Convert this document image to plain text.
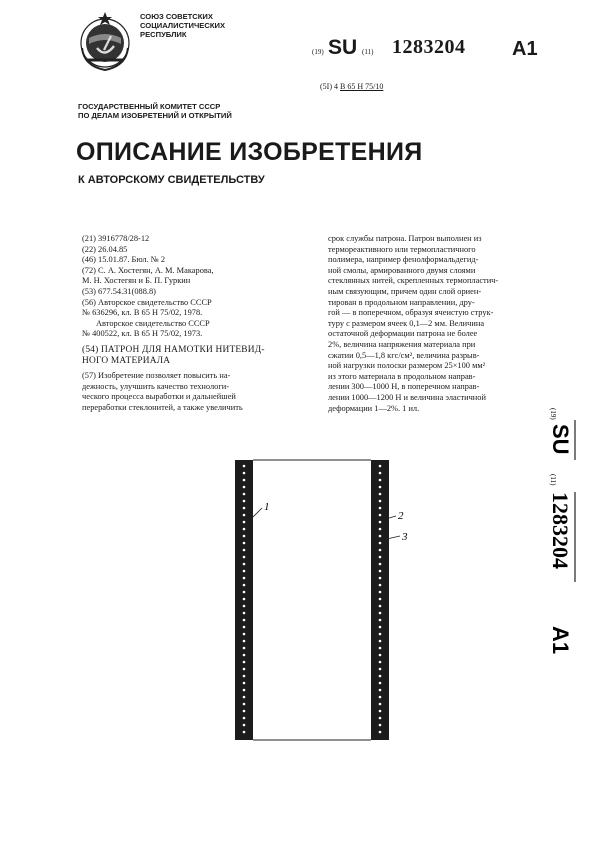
СОЮЗ СОВЕТСКИХ
СОЦИАЛИСТИЧЕСКИХ
РЕСПУБЛИК
(19) SU (11) 1283204 A1
(5I) 4 B 65 H 75/10
ГОСУДАРСТВЕННЫЙ КОМИТЕТ СССР
ПО ДЕЛАМ ИЗОБРЕТЕНИЙ И ОТКРЫТИЙ
ОПИСАНИЕ ИЗОБРЕТЕНИЯ
К АВТОРСКОМУ СВИДЕТЕЛЬСТВУ
(21) 3916778/28-12
(22) 26.04.85
(46) 15.01.87. Бюл. № 2
(72) С. А. Хостегян, А. М. Макарова,
М. Н. Хостегян и Б. П. Гуркин
(53) 677.54.31(088.8)
(56) Авторское свидетельство СССР
№ 636296, кл. В 65 Н 75/02, 1978.
Авторское свидетельство СССР
№ 400522, кл. В 65 Н 75/02, 1973.
(54) ПАТРОН ДЛЯ НАМОТКИ НИТЕВИД-
НОГО МАТЕРИАЛА
(57) Изобретение позволяет повысить на-
дежность, улучшить качество технологи-
ческого процесса выработки и дальнейшей
переработки стеклонитей, а также увеличить
срок службы патрона. Патрон выполнен из
термореактивного или термопластичного
полимера, например фенолформальдегид-
ной смолы, армированного двумя слоями
стеклянных нитей, скрепленных термопластич-
ным связующим, причем один слой ориен-
тирован в продольном направлении, дру-
гой — в поперечном, образуя ячеистую струк-
туру с размером ячеек 0,1—2 мм. Величина
остаточной деформации патрона не более
2%, величина напряжения материала при
сжатии 0,5—1,8 кгс/см², величина разрыв-
ной нагрузки полоски размером 25×100 мм²
из этого материала в продольном направ-
лении 300—1000 Н, в поперечном направ-
лении 1000—1200 Н и величина эластичной
деформации 1—2%. 1 ил.	(19)
SU
(11)
1283204
A1
1
2
3
